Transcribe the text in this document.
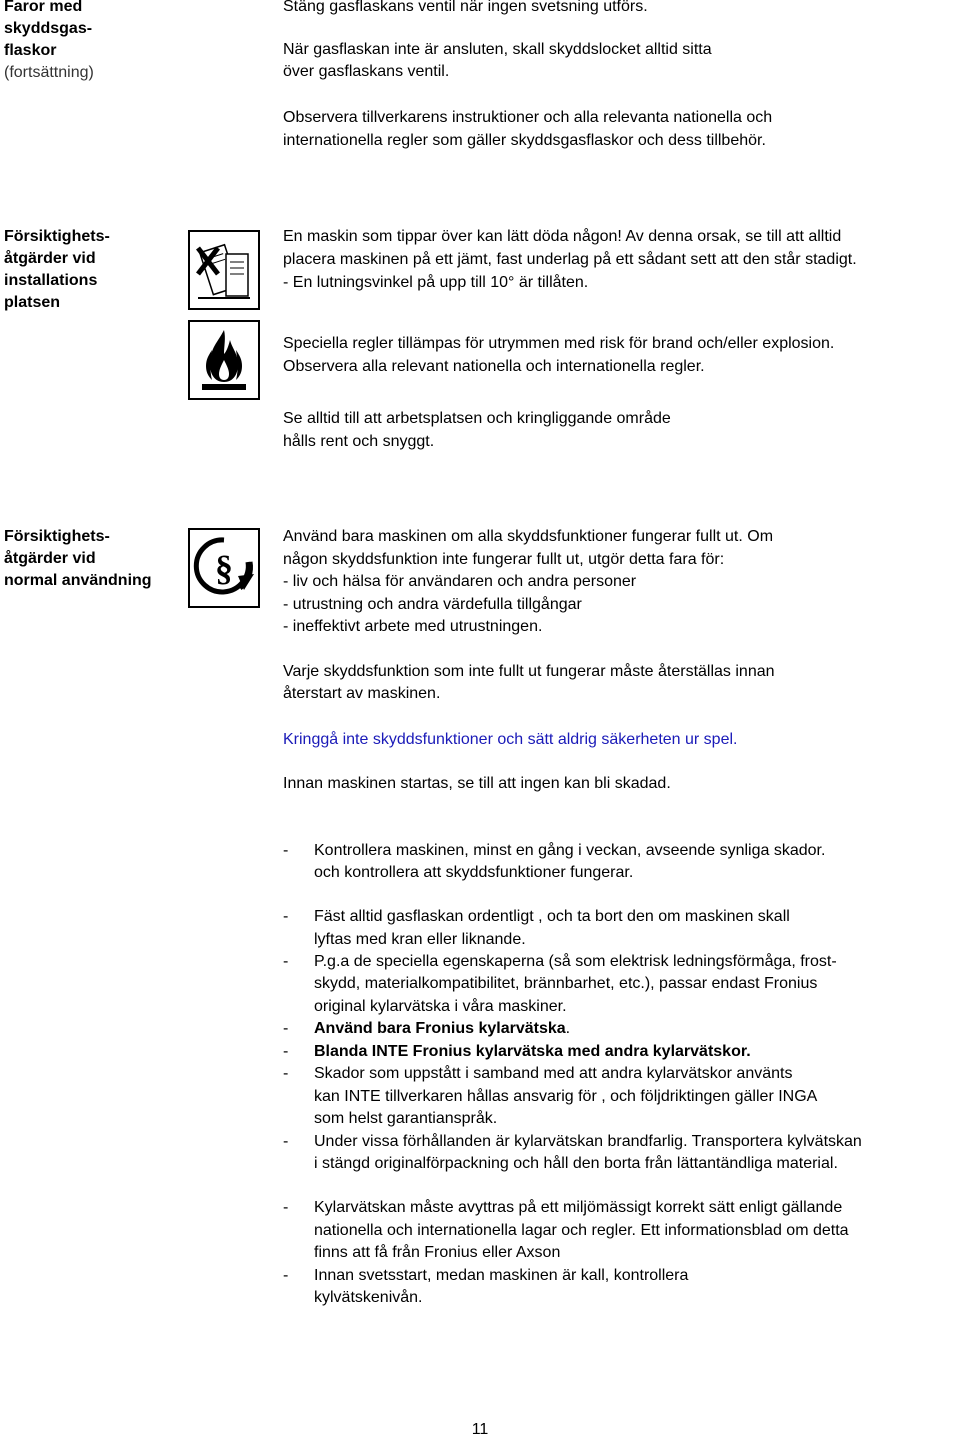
Faror med
skyddsgas-
flaskor
(fortsättning)
Stäng gasflaskans ventil när ingen svetsning utförs.
När gasflaskan inte är ansluten, skall skyddslocket alltid sitta
över gasflaskans ventil.
Observera tillverkarens instruktioner och alla relevanta nationella och
internationella regler som gäller skyddsgasflaskor och dess tillbehör.
Försiktighets-
åtgärder vid
installations
platsen
En maskin som tippar över kan lätt döda någon! Av denna orsak, se till att alltid
placera maskinen på ett jämt, fast underlag på ett sådant sett att den står stadigt.
- En lutningsvinkel på upp till 10° är tillåten.
Speciella regler tillämpas för utrymmen med risk för brand och/eller explosion.
Observera alla relevant nationella och internationella regler.
Se alltid till att arbetsplatsen och kringliggande område
hålls rent och snyggt.
Försiktighets-
åtgärder vid
normal användning §
Använd bara maskinen om alla skyddsfunktioner fungerar fullt ut. Om
någon skyddsfunktion inte fungerar fullt ut, utgör detta fara för:
- liv och hälsa för användaren och andra personer
- utrustning och andra värdefulla tillgångar
- ineffektivt arbete med utrustningen.
Varje skyddsfunktion som inte fullt ut fungerar måste återställas innan
återstart av maskinen.
Kringgå inte skyddsfunktioner och sätt aldrig säkerheten ur spel.
Innan maskinen startas, se till att ingen kan bli skadad.
- Kontrollera maskinen, minst en gång i veckan, avseende synliga skador.
och kontrollera att skyddsfunktioner fungerar.
- Fäst alltid gasflaskan ordentligt , och ta bort den om maskinen skall
lyftas med kran eller liknande.
- P.g.a de speciella egenskaperna (så som elektrisk ledningsförmåga, frost-
skydd, materialkompatibilitet, brännbarhet, etc.), passar endast Fronius
original kylarvätska i våra maskiner.
- Använd bara Fronius kylarvätska.
- Blanda INTE Fronius kylarvätska med andra kylarvätskor.
- Skador som uppstått i samband med att andra kylarvätskor använts
kan INTE tillverkaren hållas ansvarig för , och följdriktingen gäller INGA
som helst garantianspråk.
- Under vissa förhållanden är kylarvätskan brandfarlig. Transportera kylvätskan
i stängd originalförpackning och håll den borta från lättantändliga material.
- Kylarvätskan måste avyttras på ett miljömässigt korrekt sätt enligt gällande
nationella och internationella lagar och regler. Ett informationsblad om detta
finns att få från Fronius eller Axson
- Innan svetsstart, medan maskinen är kall, kontrollera
kylvätskenivån.
11
